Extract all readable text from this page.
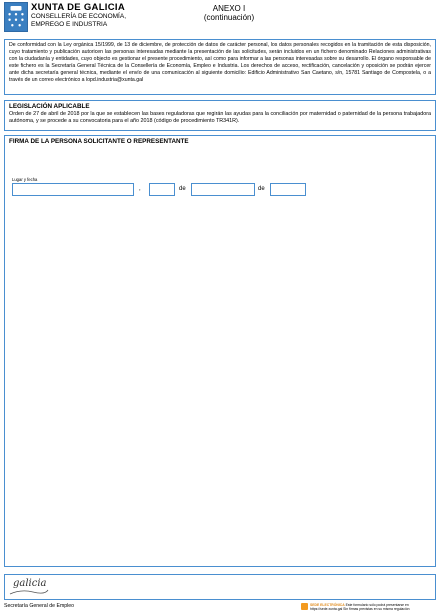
XUNTA DE GALICIA
CONSELLERÍA DE ECONOMÍA,
EMPREGO E INDUSTRIA
ANEXO I
(continuación)
De conformidad con la Ley orgánica 15/1999, de 13 de diciembre, de protección de datos de carácter personal, los datos personales recogidos en la tramitación de esta disposición, cuyo tratamiento y publicación autoricen las personas interesadas mediante la presentación de las solicitudes, serán incluidos en un fichero denominado Relaciones administrativas con la ciudadanía y entidades, cuyo objecto es gestionar el presente procedimiento, así como para informar a las personas interesadas sobre su desarrollo. El órgano responsable de este fichero es la Secretaría General Técnica de la Consellería de Economía, Empleo e Industria. Los derechos de acceso, rectificación, cancelación y oposición se podrán ejercer ante dicha secretaría general técnica, mediante el envío de una comunicación al siguiente domicilio: Edificio Administrativo San Caetano, s/n, 15781 Santiago de Compostela, o a través de un correo electrónico a lopd.industria@xunta.gal
LEGISLACIÓN APLICABLE
Orden de 27 de abril de 2018 por la que se establecen las bases reguladoras que regirán las ayudas para la conciliación por maternidad o paternidad de la persona trabajadora autónoma, y se procede a su convocatoria para el año 2018 (código de procedimiento TR341R).
FIRMA DE LA PERSONA SOLICITANTE O REPRESENTANTE
Lugar y fecha
,	de	de
galicia
Secretaría General de Empleo	SEDE ELECTRÓNICA Este formulario sólo podrá presentarse en
https://sede.xunta.gal Sin firmas previstas en su misma regulación
